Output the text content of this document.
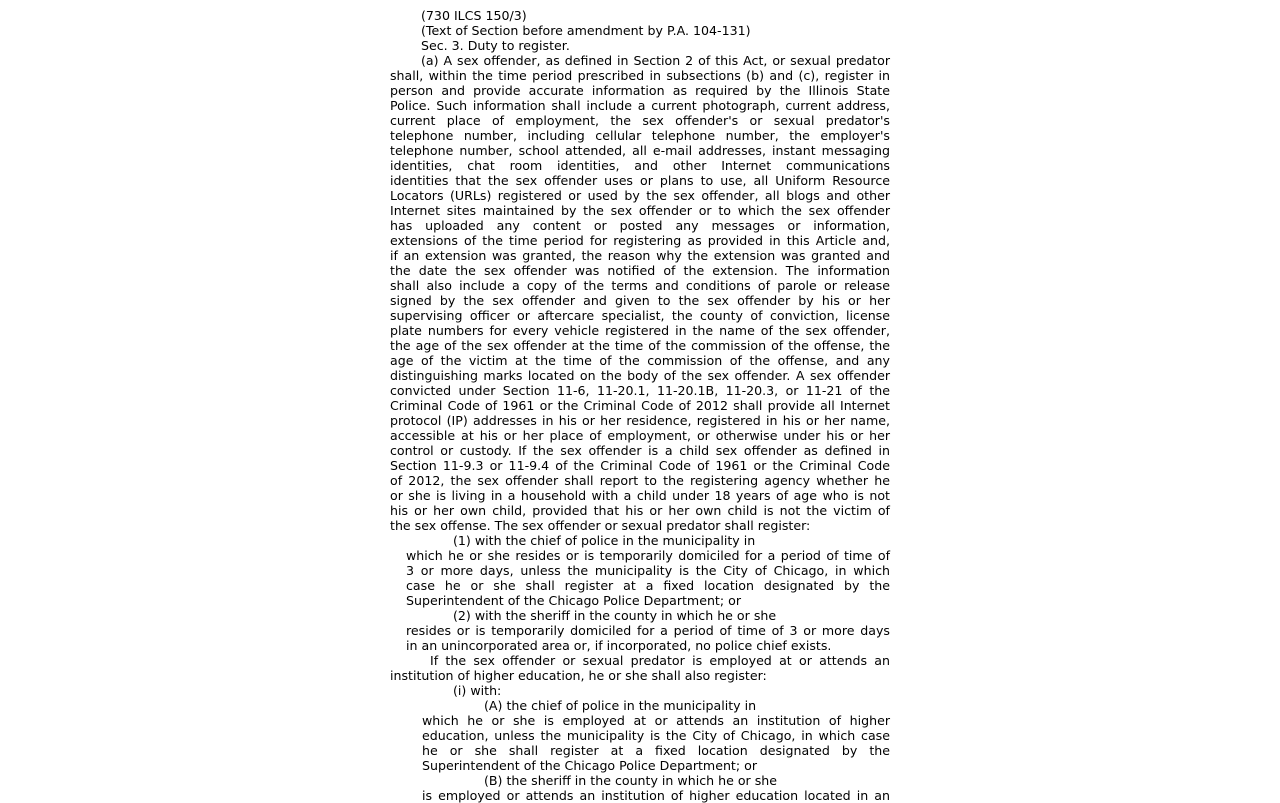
(730 ILCS 150/3)
(Text of Section before amendment by P.A. 104-131)
Sec. 3. Duty to register.
(a) A sex offender, as defined in Section 2 of this Act, or sexual predator
shall, within the time period prescribed in subsections (b) and (c), register in
person and provide accurate information as required by the Illinois State
Police. Such information shall include a current photograph, current address,
current place of employment, the sex offender's or sexual predator's
telephone number, including cellular telephone number, the employer's
telephone number, school attended, all e-mail addresses, instant messaging
identities, chat room identities, and other Internet communications
identities that the sex offender uses or plans to use, all Uniform Resource
Locators (URLs) registered or used by the sex offender, all blogs and other
Internet sites maintained by the sex offender or to which the sex offender
has uploaded any content or posted any messages or information,
extensions of the time period for registering as provided in this Article and,
if an extension was granted, the reason why the extension was granted and
the date the sex offender was notified of the extension. The information
shall also include a copy of the terms and conditions of parole or release
signed by the sex offender and given to the sex offender by his or her
supervising officer or aftercare specialist, the county of conviction, license
plate numbers for every vehicle registered in the name of the sex offender,
the age of the sex offender at the time of the commission of the offense, the
age of the victim at the time of the commission of the offense, and any
distinguishing marks located on the body of the sex offender. A sex offender
convicted under Section 11-6, 11-20.1, 11-20.1B, 11-20.3, or 11-21 of the
Criminal Code of 1961 or the Criminal Code of 2012 shall provide all Internet
protocol (IP) addresses in his or her residence, registered in his or her name,
accessible at his or her place of employment, or otherwise under his or her
control or custody. If the sex offender is a child sex offender as defined in
Section 11-9.3 or 11-9.4 of the Criminal Code of 1961 or the Criminal Code
of 2012, the sex offender shall report to the registering agency whether he
or she is living in a household with a child under 18 years of age who is not
his or her own child, provided that his or her own child is not the victim of
the sex offense. The sex offender or sexual predator shall register:
(1) with the chief of police in the municipality in
which he or she resides or is temporarily domiciled for a period of time of
3 or more days, unless the municipality is the City of Chicago, in which
case he or she shall register at a fixed location designated by the
Superintendent of the Chicago Police Department; or
(2) with the sheriff in the county in which he or she
resides or is temporarily domiciled for a period of time of 3 or more days
in an unincorporated area or, if incorporated, no police chief exists.
If the sex offender or sexual predator is employed at or attends an
institution of higher education, he or she shall also register:
(i) with:
(A) the chief of police in the municipality in
which he or she is employed at or attends an institution of higher
education, unless the municipality is the City of Chicago, in which case
he or she shall register at a fixed location designated by the
Superintendent of the Chicago Police Department; or
(B) the sheriff in the county in which he or she
is employed or attends an institution of higher education located in an
